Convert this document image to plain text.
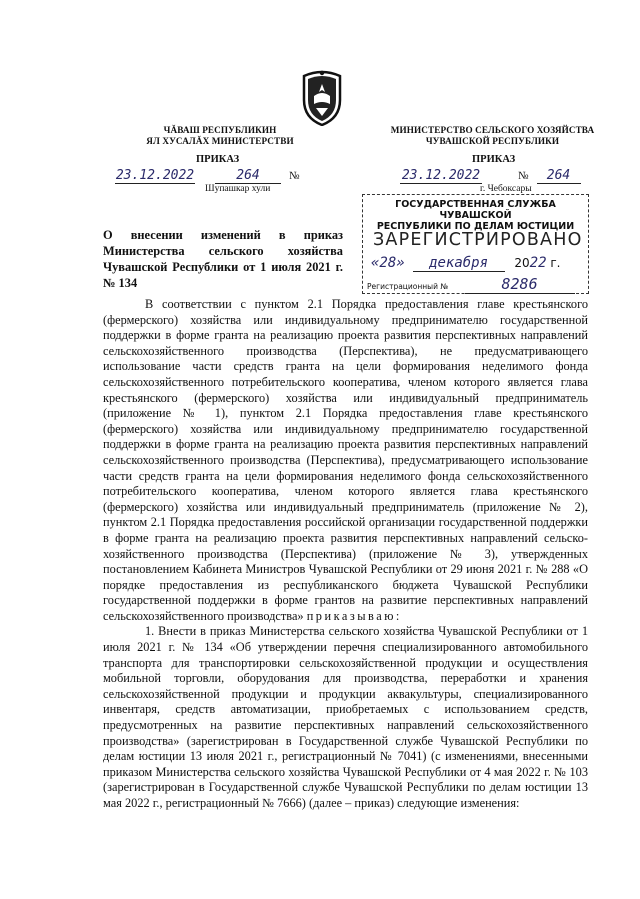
ЧĂВАШ РЕСПУБЛИКИН
ЯЛ ХУСАЛĂХ МИНИСТЕРСТВИ
ПРИКАЗ
23.12.2022	264	№
Шупашкар хули
МИНИСТЕРСТВО СЕЛЬСКОГО ХОЗЯЙСТВА
ЧУВАШСКОЙ РЕСПУБЛИКИ
ПРИКАЗ
23.12.2022	№ 264
г. Чебоксары
О внесении изменений в приказ Министерства сельского хозяйства Чувашской Республики от 1 июля 2021 г. № 134
ГОСУДАРСТВЕННАЯ СЛУЖБА ЧУВАШСКОЙ
РЕСПУБЛИКИ ПО ДЕЛАМ ЮСТИЦИИ
ЗАРЕГИСТРИРОВАНО
«28» декабря 2022 г.
Регистрационный №	8286

В соответствии с пунктом 2.1 Порядка предоставления главе крестьянского (фермерского) хозяйства или индивидуальному предпринимателю государственной поддержки в форме гранта на реализацию проекта развития перспективных направлений сельскохозяйственного производства (Перспектива), не предусматривающего использование части средств гранта на цели формирования неделимого фонда сельскохозяйственного потребительского кооператива, членом которого является глава крестьянского (фермерского) хозяйства или индивидуальный предприниматель (приложение № 1), пунктом 2.1 Порядка предоставления главе крестьянского (фермерского) хозяйства или индивидуальному предпринимателю государственной поддержки в форме гранта на реализацию проекта развития перспективных направлений сельскохозяйственного производства (Перспектива), предусматривающего использование части средств гранта на цели формирования неделимого фонда сельскохозяйственного потребительского кооператива, членом которого является глава крестьянского (фермерского) хозяйства или индивидуальный предприниматель (приложение № 2), пунктом 2.1 Порядка предоставления российской организации государственной поддержки в форме гранта на реализацию проекта развития перспективных направлений сельскохозяйственного производства (Перспектива) (приложение № 3), утвержденных постановлением Кабинета Министров Чувашской Республики от 29 июня 2021 г. № 288 «О порядке предоставления из республиканского бюджета Чувашской Республики государственной поддержки в форме грантов на развитие перспективных направлений сельскохозяйственного производства» приказываю:

1. Внести в приказ Министерства сельского хозяйства Чувашской Республики от 1 июля 2021 г. № 134 «Об утверждении перечня специализированного автомобильного транспорта для транспортировки сельскохозяйственной продукции и осуществления мобильной торговли, оборудования для производства, переработки и хранения сельскохозяйственной продукции и продукции аквакультуры, специализированного инвентаря, средств автоматизации, приобретаемых с использованием средств, предусмотренных на развитие перспективных направлений сельскохозяйственного производства» (зарегистрирован в Государственной службе Чувашской Республики по делам юстиции 13 июля 2021 г., регистрационный № 7041) (с изменениями, внесенными приказом Министерства сельского хозяйства Чувашской Республики от 4 мая 2022 г. № 103 (зарегистрирован в Государственной службе Чувашской Республики по делам юстиции 13 мая 2022 г., регистрационный № 7666) (далее – приказ) следующие изменения:
